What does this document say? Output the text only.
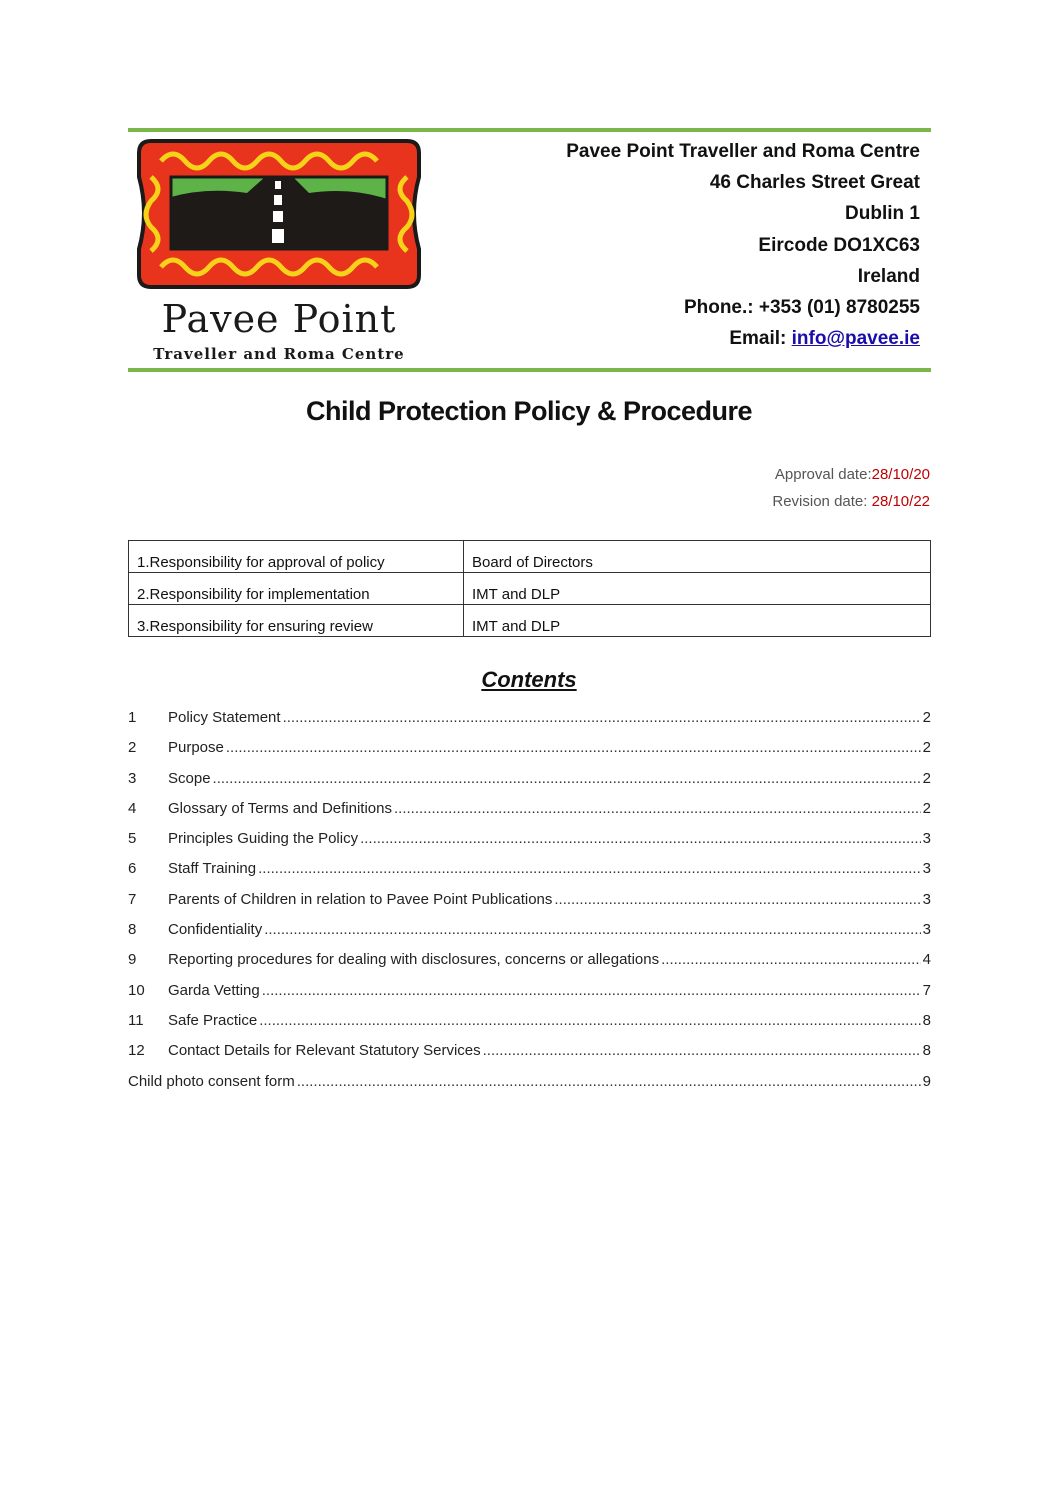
Pavee Point
Traveller and Roma Centre
Pavee Point Traveller and Roma Centre
46 Charles Street Great
Dublin 1
Eircode DO1XC63
Ireland
Phone.: +353 (01) 8780255
Email: info@pavee.ie
Child Protection Policy & Procedure
Approval date:28/10/20
Revision date: 28/10/22
1.Responsibility for approval of policy	Board of Directors
2.Responsibility for implementation	IMT and DLP
3.Responsibility for ensuring review	IMT and DLP
Contents
1	Policy Statement .....	2
2	Purpose .....	2
3	Scope .....	2
4	Glossary of Terms and Definitions .....	2
5	Principles Guiding the Policy .....	3
6	Staff Training .....	3
7	Parents of Children in relation to Pavee Point Publications .....	3
8	Confidentiality .....	3
9	Reporting procedures for dealing with disclosures, concerns or allegations .....	4
10	Garda Vetting .....	7
11	Safe Practice .....	8
12	Contact Details for Relevant Statutory Services .....	8
Child photo consent form .....	9
